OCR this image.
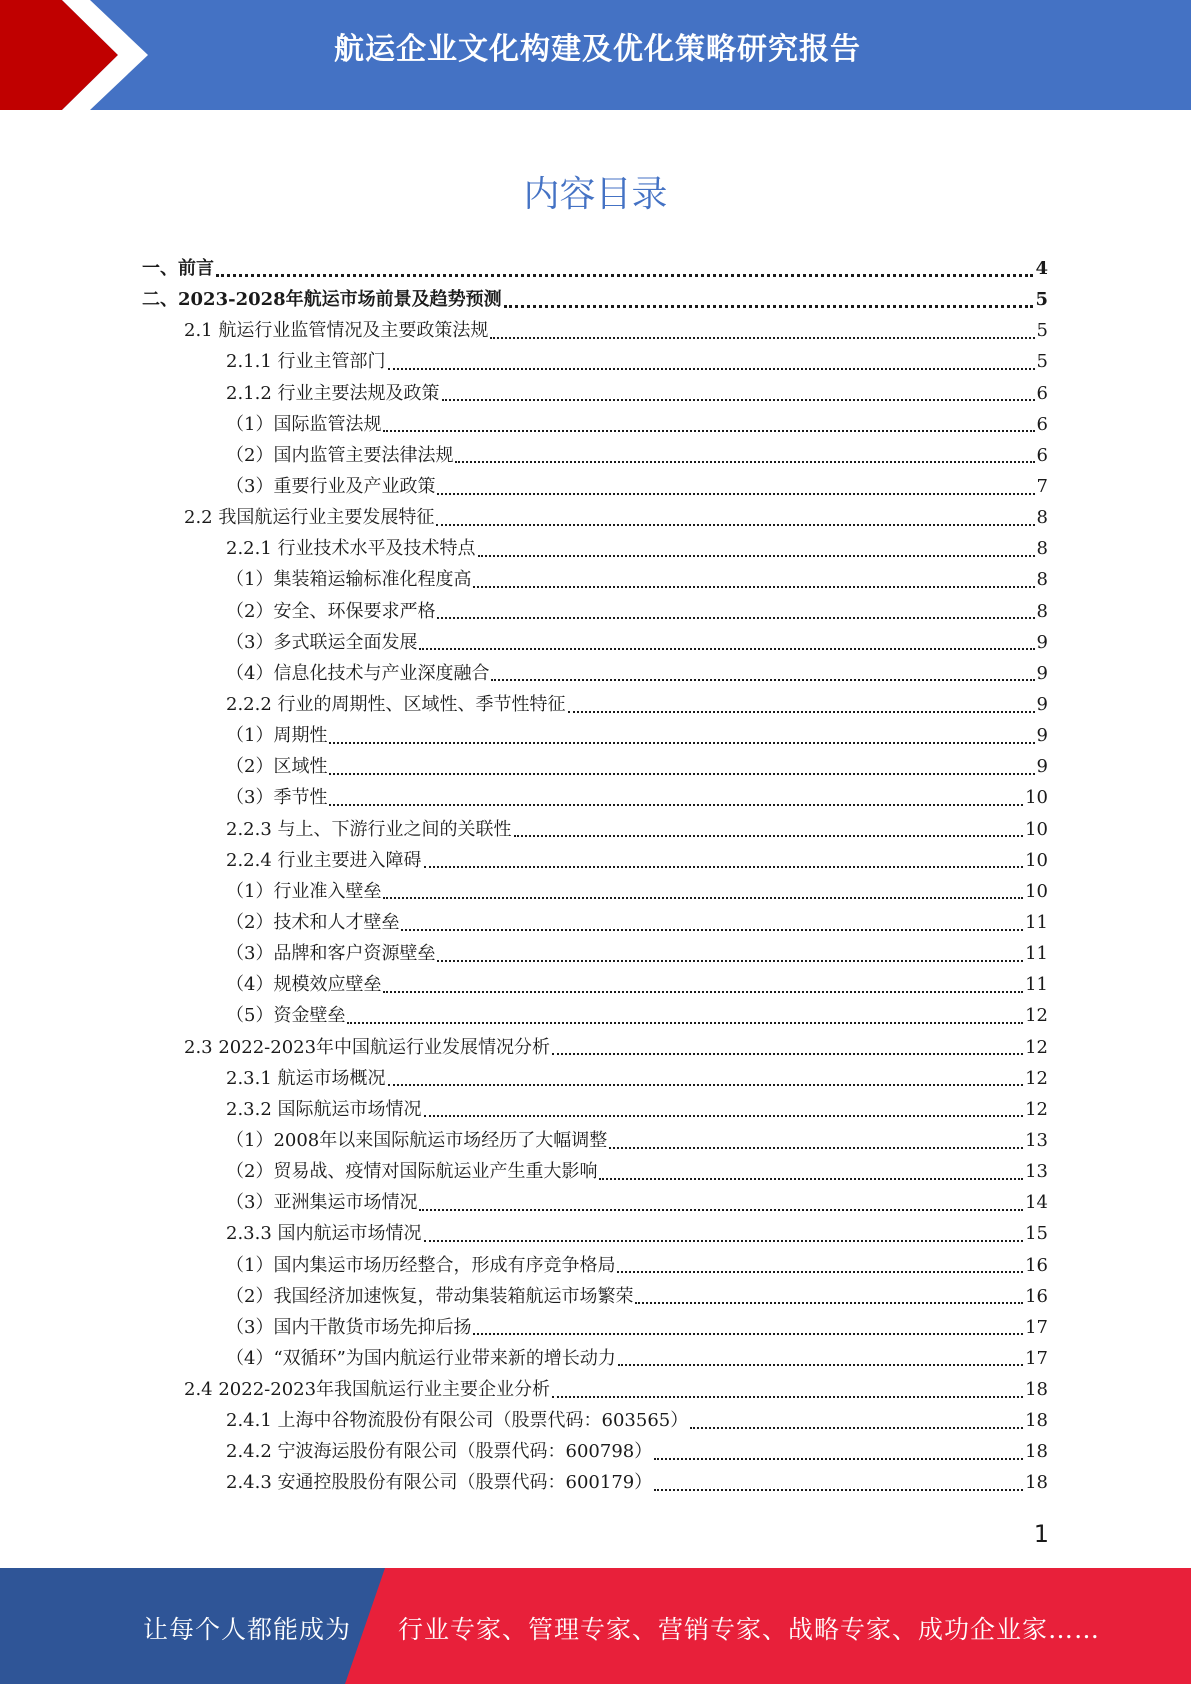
航运企业文化构建及优化策略研究报告
内容目录
一、前言	4
二、2023-2028年航运市场前景及趋势预测	5
2.1 航运行业监管情况及主要政策法规	5
2.1.1 行业主管部门	5
2.1.2 行业主要法规及政策	6
（1）国际监管法规	6
（2）国内监管主要法律法规	6
（3）重要行业及产业政策	7
2.2 我国航运行业主要发展特征	8
2.2.1 行业技术水平及技术特点	8
（1）集装箱运输标准化程度高	8
（2）安全、环保要求严格	8
（3）多式联运全面发展	9
（4）信息化技术与产业深度融合	9
2.2.2 行业的周期性、区域性、季节性特征	9
（1）周期性	9
（2）区域性	9
（3）季节性	10
2.2.3 与上、下游行业之间的关联性	10
2.2.4 行业主要进入障碍	10
（1）行业准入壁垒	10
（2）技术和人才壁垒	11
（3）品牌和客户资源壁垒	11
（4）规模效应壁垒	11
（5）资金壁垒	12
2.3 2022-2023年中国航运行业发展情况分析	12
2.3.1 航运市场概况	12
2.3.2 国际航运市场情况	12
（1）2008年以来国际航运市场经历了大幅调整	13
（2）贸易战、疫情对国际航运业产生重大影响	13
（3）亚洲集运市场情况	14
2.3.3 国内航运市场情况	15
（1）国内集运市场历经整合，形成有序竞争格局	16
（2）我国经济加速恢复，带动集装箱航运市场繁荣	16
（3）国内干散货市场先抑后扬	17
（4）“双循环”为国内航运行业带来新的增长动力	17
2.4 2022-2023年我国航运行业主要企业分析	18
2.4.1 上海中谷物流股份有限公司（股票代码：603565）	18
2.4.2 宁波海运股份有限公司（股票代码：600798）	18
2.4.3 安通控股股份有限公司（股票代码：600179）	18
1
让每个人都能成为 行业专家、管理专家、营销专家、战略专家、成功企业家……
